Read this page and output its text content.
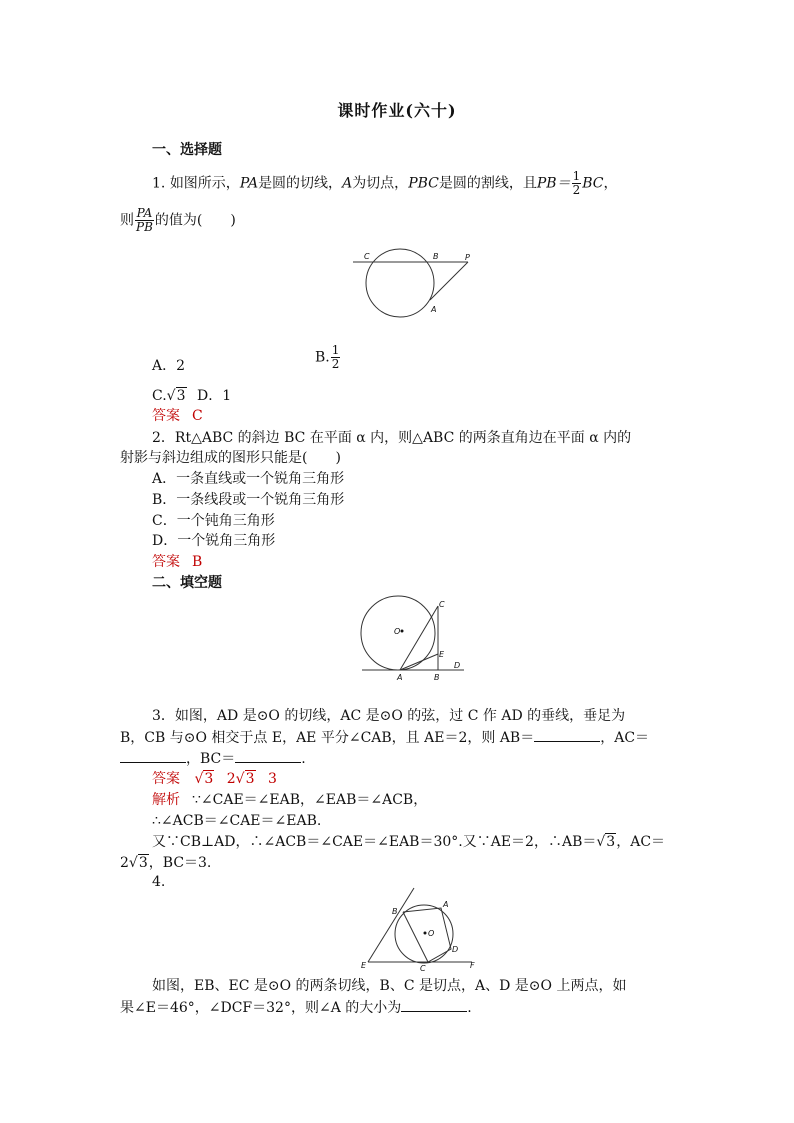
课时作业(六十)
一、选择题
1. 如图所示，PA是圆的切线，A为切点，PBC是圆的割线，且$PB= \frac{1}{2}$ BC，
则 $\frac{PA}{PB}$ 的值为(　　)
C	B	P
A
A．2
B. $\frac{1}{2}$
C.√3 D．1
答案 C
2．Rt△ABC 的斜边 BC 在平面 α 内，则△ABC 的两条直角边在平面 α 内的
射影与斜边组成的图形只能是(　　)
A．一条直线或一个锐角三角形
B．一条线段或一个锐角三角形
C．一个钝角三角形
D．一个锐角三角形
答案 B
二、填空题
O
C
E
D
A	B
3．如图，AD 是⊙O 的切线，AC 是⊙O 的弦，过 C 作 AD 的垂线，垂足为
B，CB 与⊙O 相交于点 E，AE 平分∠CAB，且 AE＝2，则 AB＝	，AC＝
，BC＝	.
答案 √3 2√3 3
解析 ∵∠CAE＝∠EAB，∠EAB＝∠ACB，
∴∠ACB＝∠CAE＝∠EAB.
又∵CB⊥AD，∴∠ACB＝∠CAE＝∠EAB＝30°.又∵AE＝2，∴AB＝√3，AC＝
2√3，BC＝3.
4.
B
A
O
D
E	C	F
如图，EB、EC 是⊙O 的两条切线，B、C 是切点，A、D 是⊙O 上两点，如
果∠E＝46°，∠DCF＝32°，则∠A 的大小为	.
